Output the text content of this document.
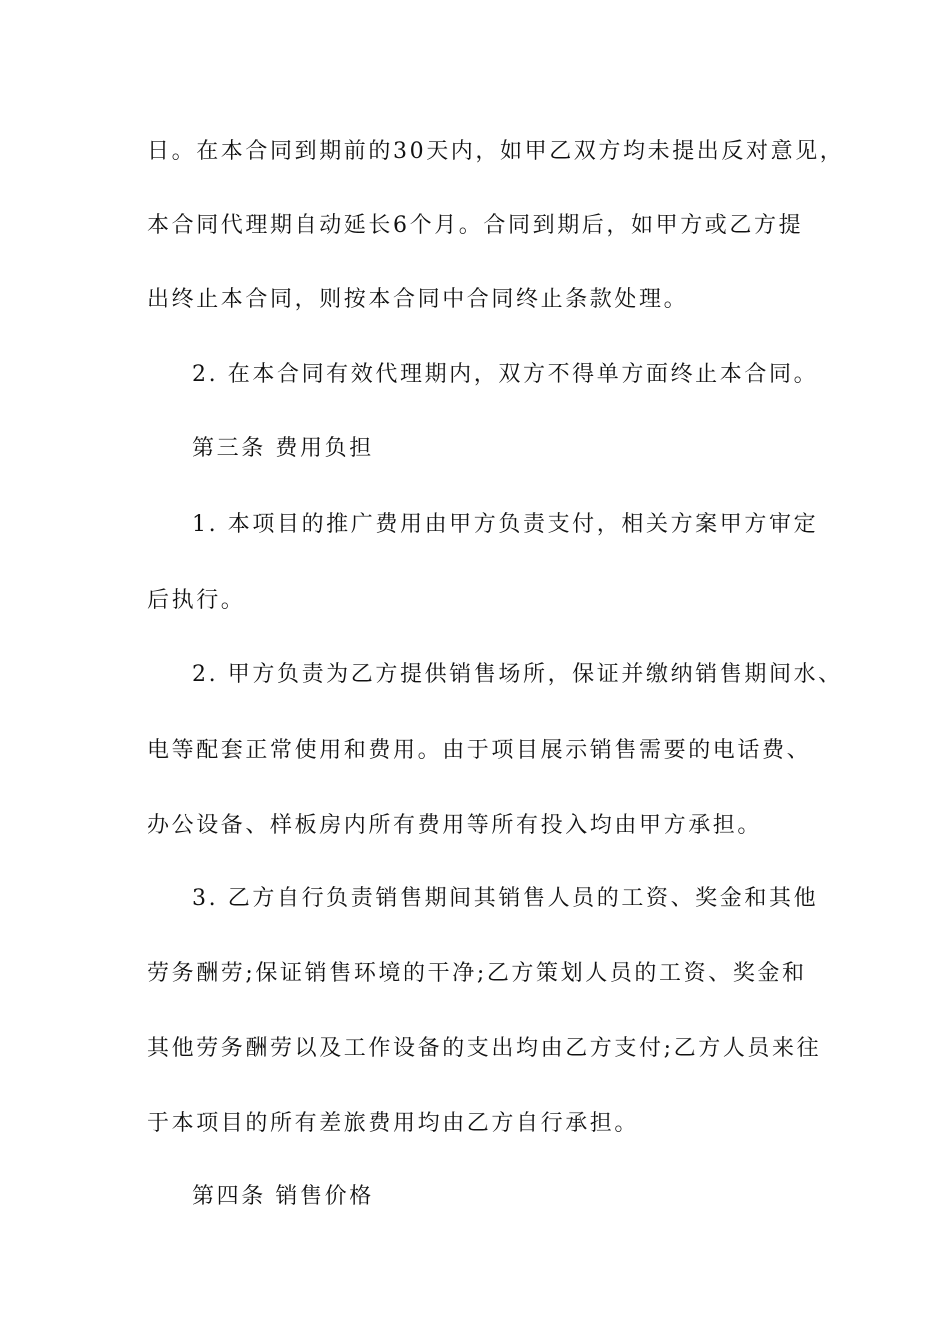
日。在本合同到期前的30天内，如甲乙双方均未提出反对意见，
本合同代理期自动延长6个月。合同到期后，如甲方或乙方提
出终止本合同，则按本合同中合同终止条款处理。
2. 在本合同有效代理期内，双方不得单方面终止本合同。
第三条 费用负担
1. 本项目的推广费用由甲方负责支付，相关方案甲方审定
后执行。
2. 甲方负责为乙方提供销售场所，保证并缴纳销售期间水、
电等配套正常使用和费用。由于项目展示销售需要的电话费、
办公设备、样板房内所有费用等所有投入均由甲方承担。
3. 乙方自行负责销售期间其销售人员的工资、奖金和其他
劳务酬劳;保证销售环境的干净;乙方策划人员的工资、奖金和
其他劳务酬劳以及工作设备的支出均由乙方支付;乙方人员来往
于本项目的所有差旅费用均由乙方自行承担。
第四条 销售价格
